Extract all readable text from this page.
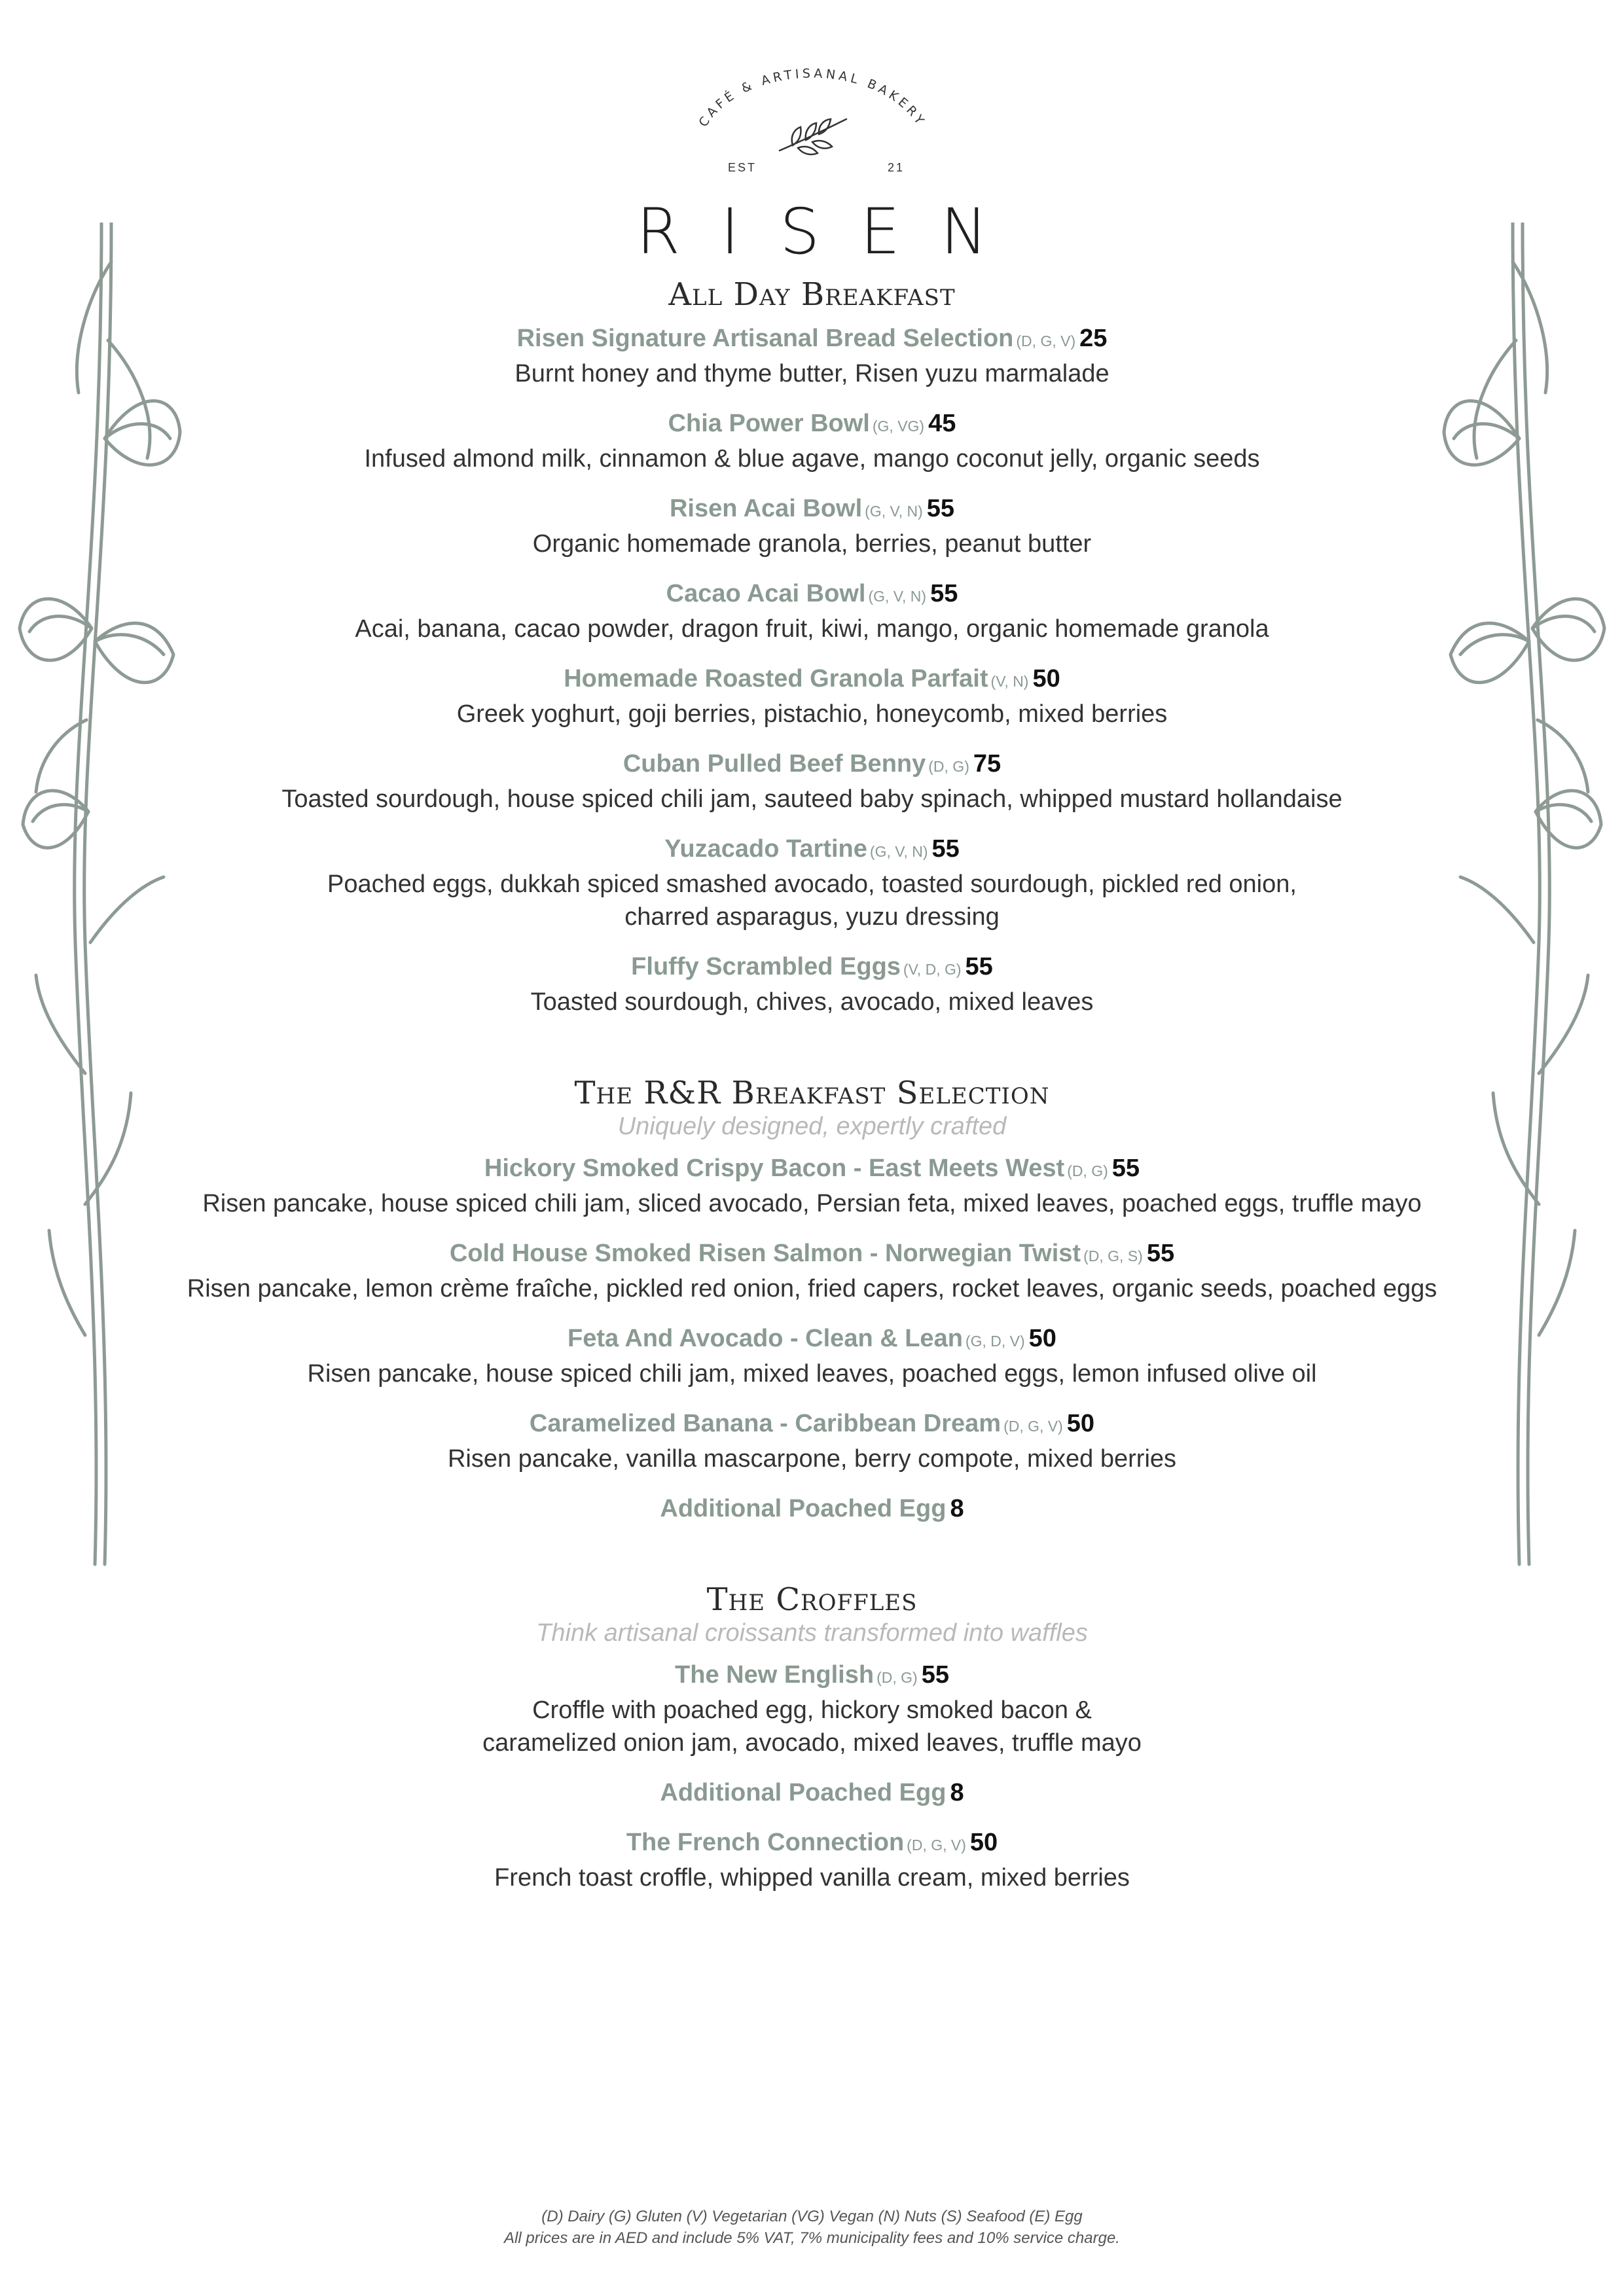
CAFÉ & ARTISANAL BAKERY
EST	21
RISEN
All Day Breakfast
Risen Signature Artisanal Bread Selection (D, G, V) 25
Burnt honey and thyme butter, Risen yuzu marmalade
Chia Power Bowl (G, VG) 45
Infused almond milk, cinnamon & blue agave, mango coconut jelly, organic seeds
Risen Acai Bowl (G, V, N) 55
Organic homemade granola, berries, peanut butter
Cacao Acai Bowl (G, V, N) 55
Acai, banana, cacao powder, dragon fruit, kiwi, mango, organic homemade granola
Homemade Roasted Granola Parfait (V, N) 50
Greek yoghurt, goji berries, pistachio, honeycomb, mixed berries
Cuban Pulled Beef Benny (D, G) 75
Toasted sourdough, house spiced chili jam, sauteed baby spinach, whipped mustard hollandaise
Yuzacado Tartine (G, V, N) 55
Poached eggs, dukkah spiced smashed avocado, toasted sourdough, pickled red onion,
charred asparagus, yuzu dressing
Fluffy Scrambled Eggs (V, D, G) 55
Toasted sourdough, chives, avocado, mixed leaves
The R&R Breakfast Selection
Uniquely designed, expertly crafted
Hickory Smoked Crispy Bacon - East Meets West (D, G) 55
Risen pancake, house spiced chili jam, sliced avocado, Persian feta, mixed leaves, poached eggs, truffle mayo
Cold House Smoked Risen Salmon - Norwegian Twist (D, G, S) 55
Risen pancake, lemon crème fraîche, pickled red onion, fried capers, rocket leaves, organic seeds, poached eggs
Feta And Avocado - Clean & Lean (G, D, V) 50
Risen pancake, house spiced chili jam, mixed leaves, poached eggs, lemon infused olive oil
Caramelized Banana - Caribbean Dream (D, G, V) 50
Risen pancake, vanilla mascarpone, berry compote, mixed berries
Additional Poached Egg 8
The Croffles
Think artisanal croissants transformed into waffles
The New English (D, G) 55
Croffle with poached egg, hickory smoked bacon &
caramelized onion jam, avocado, mixed leaves, truffle mayo
Additional Poached Egg 8
The French Connection (D, G, V) 50
French toast croffle, whipped vanilla cream, mixed berries
(D) Dairy (G) Gluten (V) Vegetarian (VG) Vegan (N) Nuts (S) Seafood (E) Egg
All prices are in AED and include 5% VAT, 7% municipality fees and 10% service charge.
